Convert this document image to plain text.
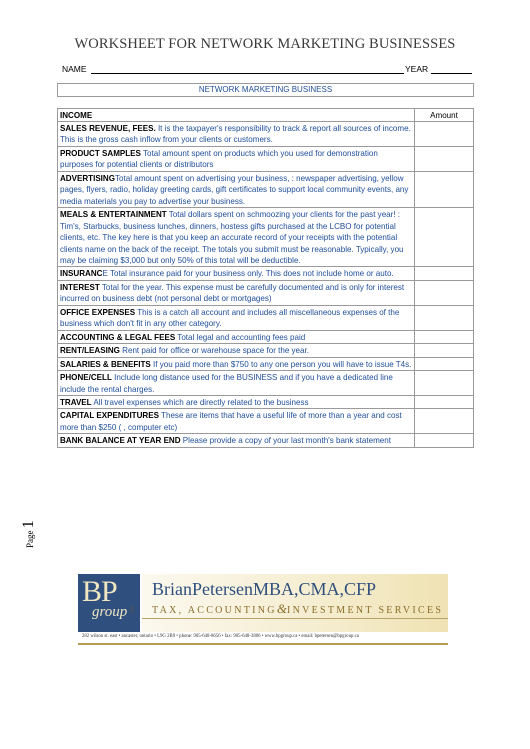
WORKSHEET FOR NETWORK MARKETING BUSINESSES
NAME	YEAR
NETWORK MARKETING BUSINESS
INCOME	Amount
SALES REVENUE, FEES. It is the taxpayer's responsibility to track & report all sources of income. This is the gross cash inflow from your clients or customers.	
PRODUCT SAMPLES Total amount spent on products which you used for demonstration purposes for potential clients or distributors	
ADVERTISINGTotal amount spent on advertising your business, : newspaper advertising, yellow pages, flyers, radio, holiday greeting cards, gift certificates to support local community events, any media materials you pay to advertise your business.	
MEALS & ENTERTAINMENT Total dollars spent on schmoozing your clients for the past year! : Tim's, Starbucks, business lunches, dinners, hostess gifts purchased at the LCBO for potential clients, etc. The key here is that you keep an accurate record of your receipts with the potential clients name on the back of the receipt. The totals you submit must be reasonable. Typically, you may be claiming $3,000 but only 50% of this total will be deductible.	
INSURANCE Total insurance paid for your business only. This does not include home or auto.	
INTEREST Total for the year. This expense must be carefully documented and is only for interest incurred on business debt (not personal debt or mortgages)	
OFFICE EXPENSES This is a catch all account and includes all miscellaneous expenses of the business which don't fit in any other category.	
ACCOUNTING & LEGAL FEES Total legal and accounting fees paid	
RENT/LEASING Rent paid for office or warehouse space for the year.	
SALARIES & BENEFITS If you paid more than $750 to any one person you will have to issue T4s.	
PHONE/CELL Include long distance used for the BUSINESS and if you have a dedicated line include the rental charges.	
TRAVEL All travel expenses which are directly related to the business	
CAPITAL EXPENDITURES These are items that have a useful life of more than a year and cost more than $250 ( , computer etc)	
BANK BALANCE AT YEAR END Please provide a copy of your last month's bank statement	
Page 1
BP
group inc
BrianPetersenMBA,CMA,CFP
TAX, ACCOUNTING&INVESTMENT SERVICES
282 wilson st. east • ancaster, ontario • L9G 2B9 • phone: 905-648-8656 • fax: 905-648-3806 • www.bpgroup.ca • email: bpetersen@bpgroup.ca
